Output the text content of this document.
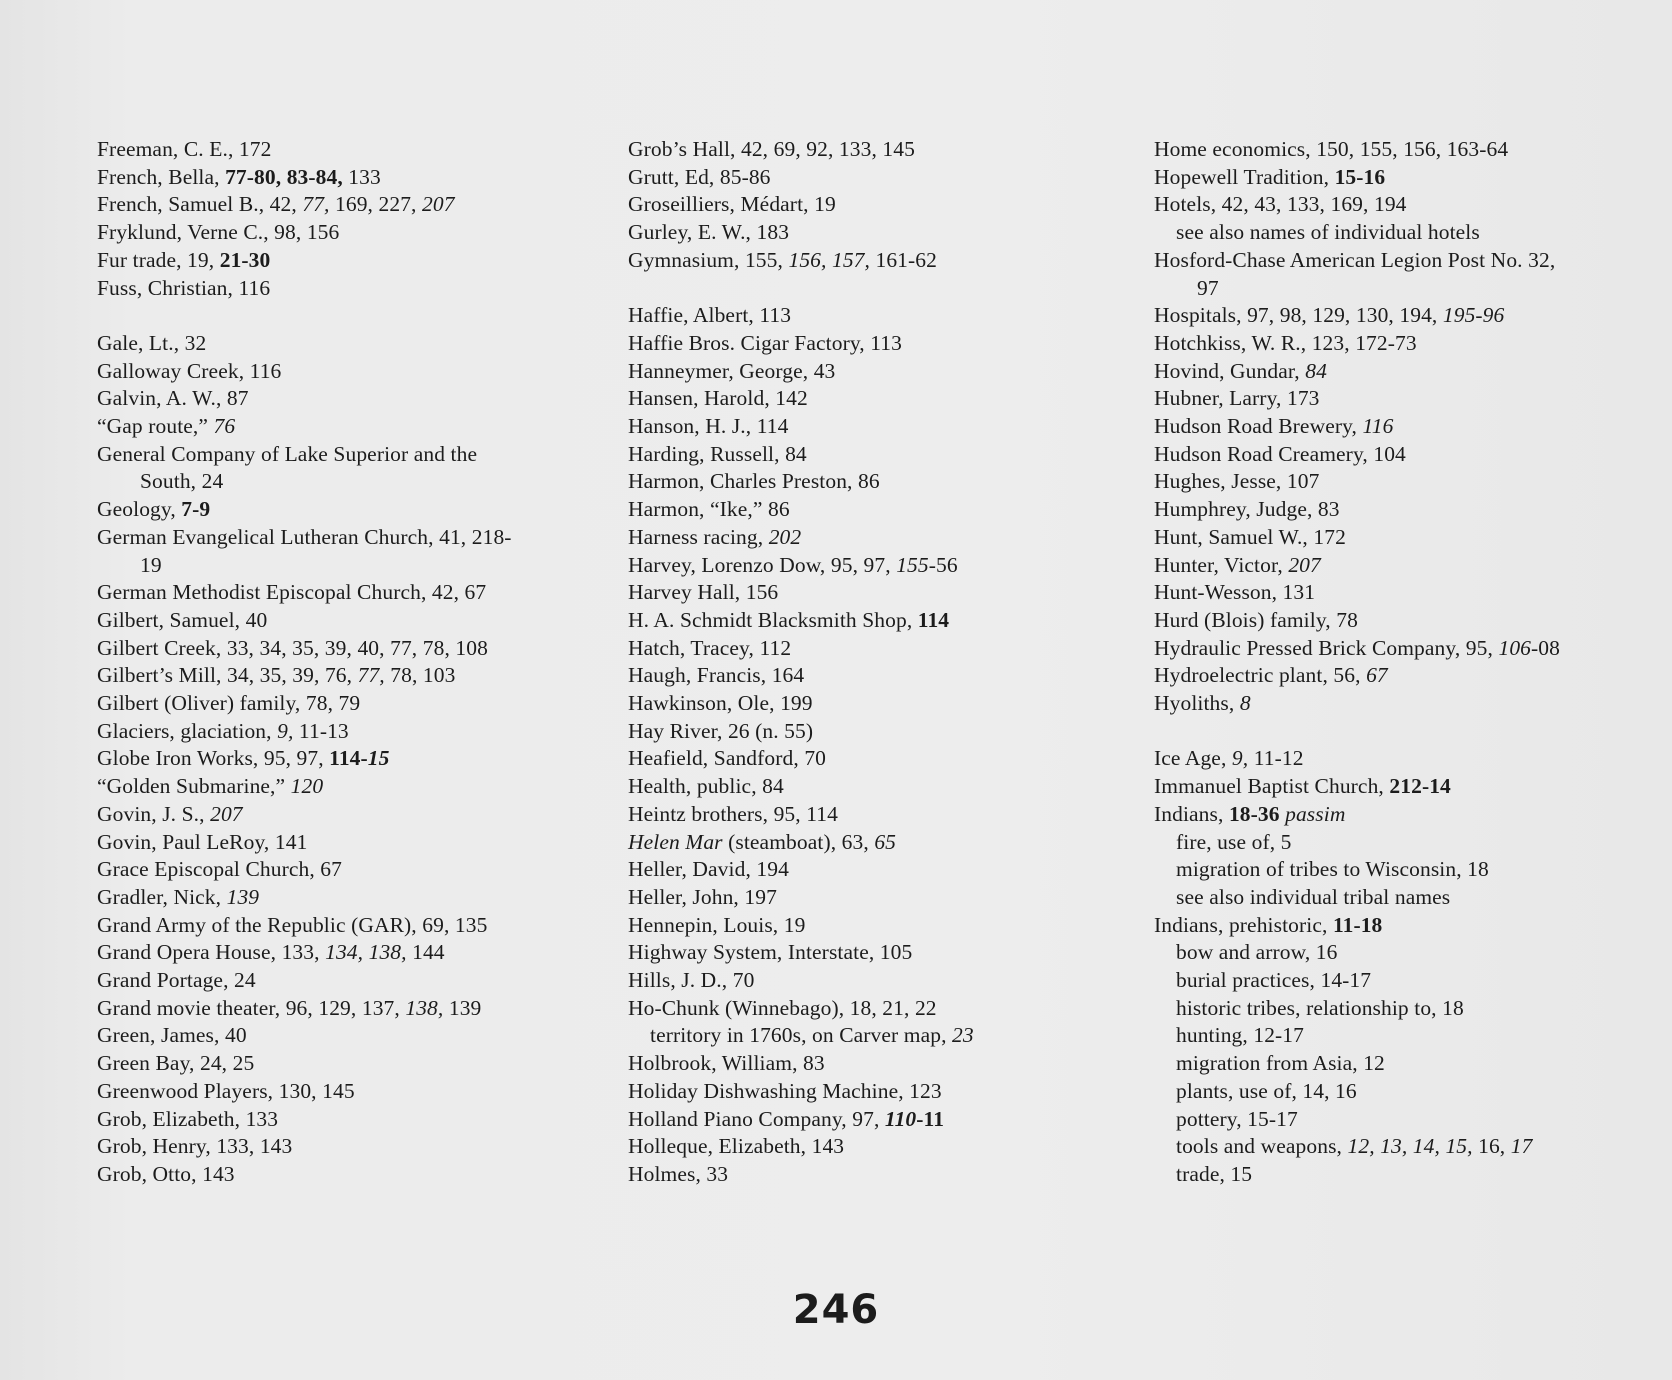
Freeman, C. E., 172
French, Bella, 77-80, 83-84, 133
French, Samuel B., 42, 77, 169, 227, 207
Fryklund, Verne C., 98, 156
Fur trade, 19, 21-30
Fuss, Christian, 116
Gale, Lt., 32
Galloway Creek, 116
Galvin, A. W., 87
“Gap route,” 76
General Company of Lake Superior and the
South, 24
Geology, 7-9
German Evangelical Lutheran Church, 41, 218-
19
German Methodist Episcopal Church, 42, 67
Gilbert, Samuel, 40
Gilbert Creek, 33, 34, 35, 39, 40, 77, 78, 108
Gilbert’s Mill, 34, 35, 39, 76, 77, 78, 103
Gilbert (Oliver) family, 78, 79
Glaciers, glaciation, 9, 11-13
Globe Iron Works, 95, 97, 114-15
“Golden Submarine,” 120
Govin, J. S., 207
Govin, Paul LeRoy, 141
Grace Episcopal Church, 67
Gradler, Nick, 139
Grand Army of the Republic (GAR), 69, 135
Grand Opera House, 133, 134, 138, 144
Grand Portage, 24
Grand movie theater, 96, 129, 137, 138, 139
Green, James, 40
Green Bay, 24, 25
Greenwood Players, 130, 145
Grob, Elizabeth, 133
Grob, Henry, 133, 143
Grob, Otto, 143
Grob’s Hall, 42, 69, 92, 133, 145
Grutt, Ed, 85-86
Groseilliers, Médart, 19
Gurley, E. W., 183
Gymnasium, 155, 156, 157, 161-62
Haffie, Albert, 113
Haffie Bros. Cigar Factory, 113
Hanneymer, George, 43
Hansen, Harold, 142
Hanson, H. J., 114
Harding, Russell, 84
Harmon, Charles Preston, 86
Harmon, “Ike,” 86
Harness racing, 202
Harvey, Lorenzo Dow, 95, 97, 155-56
Harvey Hall, 156
H. A. Schmidt Blacksmith Shop, 114
Hatch, Tracey, 112
Haugh, Francis, 164
Hawkinson, Ole, 199
Hay River, 26 (n. 55)
Heafield, Sandford, 70
Health, public, 84
Heintz brothers, 95, 114
Helen Mar (steamboat), 63, 65
Heller, David, 194
Heller, John, 197
Hennepin, Louis, 19
Highway System, Interstate, 105
Hills, J. D., 70
Ho-Chunk (Winnebago), 18, 21, 22
territory in 1760s, on Carver map, 23
Holbrook, William, 83
Holiday Dishwashing Machine, 123
Holland Piano Company, 97, 110-11
Holleque, Elizabeth, 143
Holmes, 33
Home economics, 150, 155, 156, 163-64
Hopewell Tradition, 15-16
Hotels, 42, 43, 133, 169, 194
see also names of individual hotels
Hosford-Chase American Legion Post No. 32,
97
Hospitals, 97, 98, 129, 130, 194, 195-96
Hotchkiss, W. R., 123, 172-73
Hovind, Gundar, 84
Hubner, Larry, 173
Hudson Road Brewery, 116
Hudson Road Creamery, 104
Hughes, Jesse, 107
Humphrey, Judge, 83
Hunt, Samuel W., 172
Hunter, Victor, 207
Hunt-Wesson, 131
Hurd (Blois) family, 78
Hydraulic Pressed Brick Company, 95, 106-08
Hydroelectric plant, 56, 67
Hyoliths, 8
Ice Age, 9, 11-12
Immanuel Baptist Church, 212-14
Indians, 18-36 passim
fire, use of, 5
migration of tribes to Wisconsin, 18
see also individual tribal names
Indians, prehistoric, 11-18
bow and arrow, 16
burial practices, 14-17
historic tribes, relationship to, 18
hunting, 12-17
migration from Asia, 12
plants, use of, 14, 16
pottery, 15-17
tools and weapons, 12, 13, 14, 15, 16, 17
trade, 15
246
